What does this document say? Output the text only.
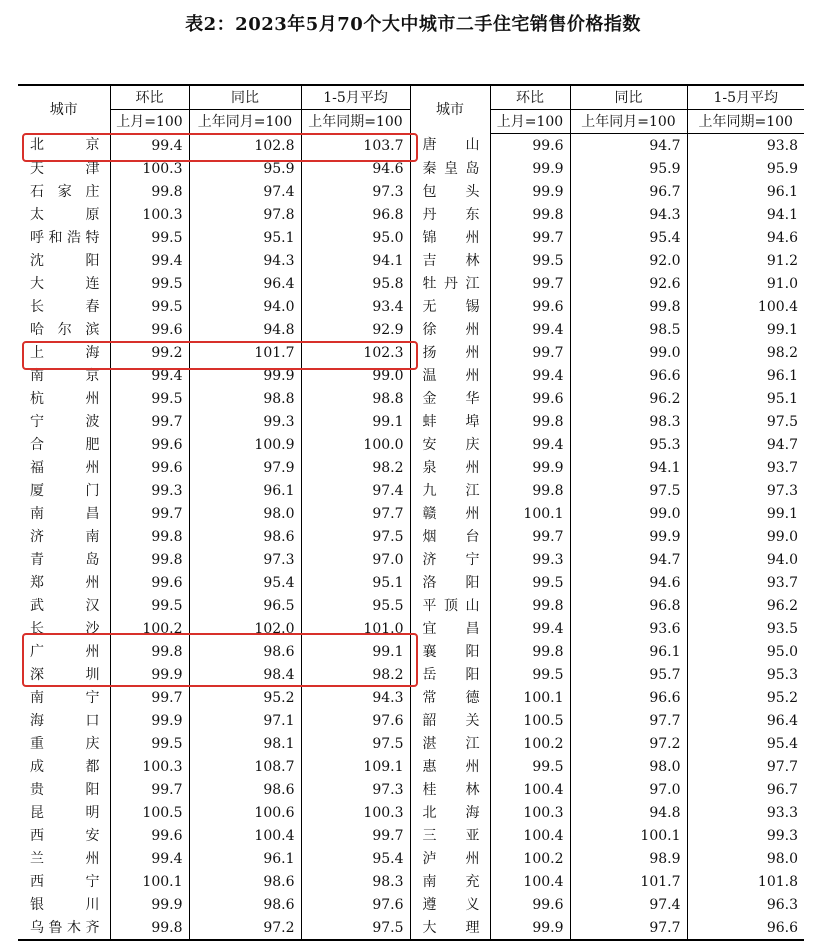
表2：2023年5月70个大中城市二手住宅销售价格指数
城市	环比	同比	1-5月平均	城市	环比	同比	1-5月平均
	上月=100	上年同月=100	上年同期=100		上月=100	上年同月=100	上年同期=100
北　　京	99.4	102.8	103.7	唐　　山	99.6	94.7	93.8
天　　津	100.3	95.9	94.6	秦 皇 岛	99.9	95.9	95.9
石 家 庄	99.8	97.4	97.3	包　　头	99.9	96.7	96.1
太　　原	100.3	97.8	96.8	丹　　东	99.8	94.3	94.1
呼和浩特	99.5	95.1	95.0	锦　　州	99.7	95.4	94.6
沈　　阳	99.4	94.3	94.1	吉　　林	99.5	92.0	91.2
大　　连	99.5	96.4	95.8	牡 丹 江	99.7	92.6	91.0
长　　春	99.5	94.0	93.4	无　　锡	99.6	99.8	100.4
哈 尔 滨	99.6	94.8	92.9	徐　　州	99.4	98.5	99.1
上　　海	99.2	101.7	102.3	扬　　州	99.7	99.0	98.2
南　　京	99.4	99.9	99.0	温　　州	99.4	96.6	96.1
杭　　州	99.5	98.8	98.8	金　　华	99.6	96.2	95.1
宁　　波	99.7	99.3	99.1	蚌　　埠	99.8	98.3	97.5
合　　肥	99.6	100.9	100.0	安　　庆	99.4	95.3	94.7
福　　州	99.6	97.9	98.2	泉　　州	99.9	94.1	93.7
厦　　门	99.3	96.1	97.4	九　　江	99.8	97.5	97.3
南　　昌	99.7	98.0	97.7	赣　　州	100.1	99.0	99.1
济　　南	99.8	98.6	97.5	烟　　台	99.7	99.9	99.0
青　　岛	99.8	97.3	97.0	济　　宁	99.3	94.7	94.0
郑　　州	99.6	95.4	95.1	洛　　阳	99.5	94.6	93.7
武　　汉	99.5	96.5	95.5	平 顶 山	99.8	96.8	96.2
长　　沙	100.2	102.0	101.0	宜　　昌	99.4	93.6	93.5
广　　州	99.8	98.6	99.1	襄　　阳	99.8	96.1	95.0
深　　圳	99.9	98.4	98.2	岳　　阳	99.5	95.7	95.3
南　　宁	99.7	95.2	94.3	常　　德	100.1	96.6	95.2
海　　口	99.9	97.1	97.6	韶　　关	100.5	97.7	96.4
重　　庆	99.5	98.1	97.5	湛　　江	100.2	97.2	95.4
成　　都	100.3	108.7	109.1	惠　　州	99.5	98.0	97.7
贵　　阳	99.7	98.6	97.3	桂　　林	100.4	97.0	96.7
昆　　明	100.5	100.6	100.3	北　　海	100.3	94.8	93.3
西　　安	99.6	100.4	99.7	三　　亚	100.4	100.1	99.3
兰　　州	99.4	96.1	95.4	泸　　州	100.2	98.9	98.0
西　　宁	100.1	98.6	98.3	南　　充	100.4	101.7	101.8
银　　川	99.9	98.6	97.6	遵　　义	99.6	97.4	96.3
乌鲁木齐	99.8	97.2	97.5	大　　理	99.9	97.7	96.6
